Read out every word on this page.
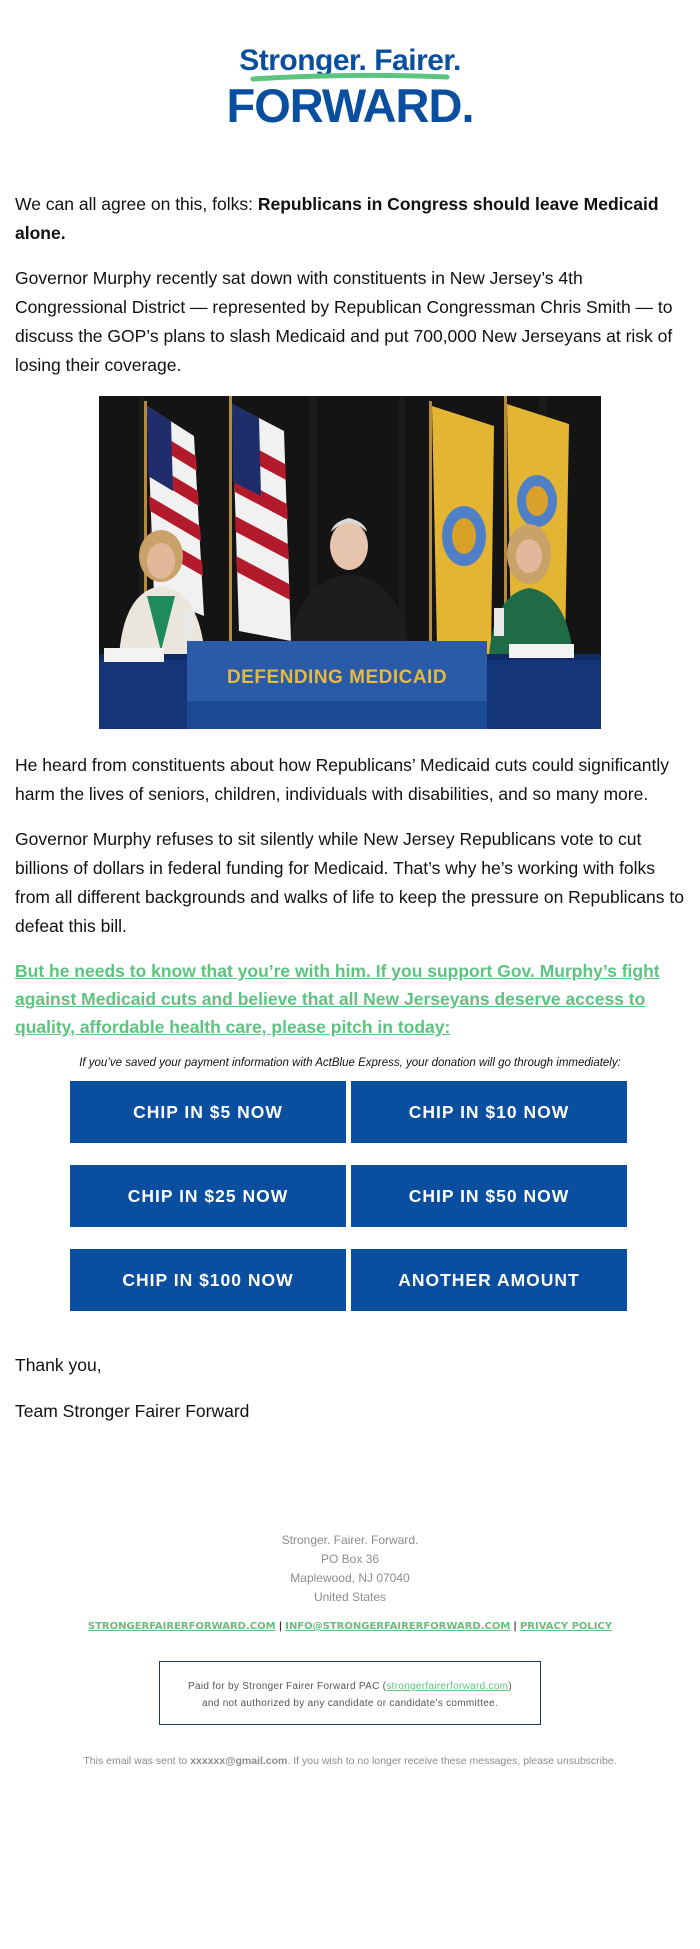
Stronger. Fairer.
FORWARD.

We can all agree on this, folks: Republicans in Congress should leave Medicaid alone.

Governor Murphy recently sat down with constituents in New Jersey’s 4th Congressional District — represented by Republican Congressman Chris Smith — to discuss the GOP’s plans to slash Medicaid and put 700,000 New Jerseyans at risk of losing their coverage.

DEFENDING MEDICAID

He heard from constituents about how Republicans’ Medicaid cuts could significantly harm the lives of seniors, children, individuals with disabilities, and so many more.

Governor Murphy refuses to sit silently while New Jersey Republicans vote to cut billions of dollars in federal funding for Medicaid. That’s why he’s working with folks from all different backgrounds and walks of life to keep the pressure on Republicans to defeat this bill.

But he needs to know that you’re with him. If you support Gov. Murphy’s fight against Medicaid cuts and believe that all New Jerseyans deserve access to quality, affordable health care, please pitch in today:

If you’ve saved your payment information with ActBlue Express, your donation will go through immediately:

CHIP IN $5 NOW	CHIP IN $10 NOW
CHIP IN $25 NOW	CHIP IN $50 NOW
CHIP IN $100 NOW	ANOTHER AMOUNT

Thank you,

Team Stronger Fairer Forward

Stronger. Fairer. Forward.
PO Box 36
Maplewood, NJ 07040
United States
STRONGERFAIRERFORWARD.COM | INFO@STRONGERFAIRERFORWARD.COM | PRIVACY POLICY
Paid for by Stronger Fairer Forward PAC (strongerfairerforward.com)
and not authorized by any candidate or candidate's committee.
This email was sent to xxxxxx@gmail.com. If you wish to no longer receive these messages, please unsubscribe.
